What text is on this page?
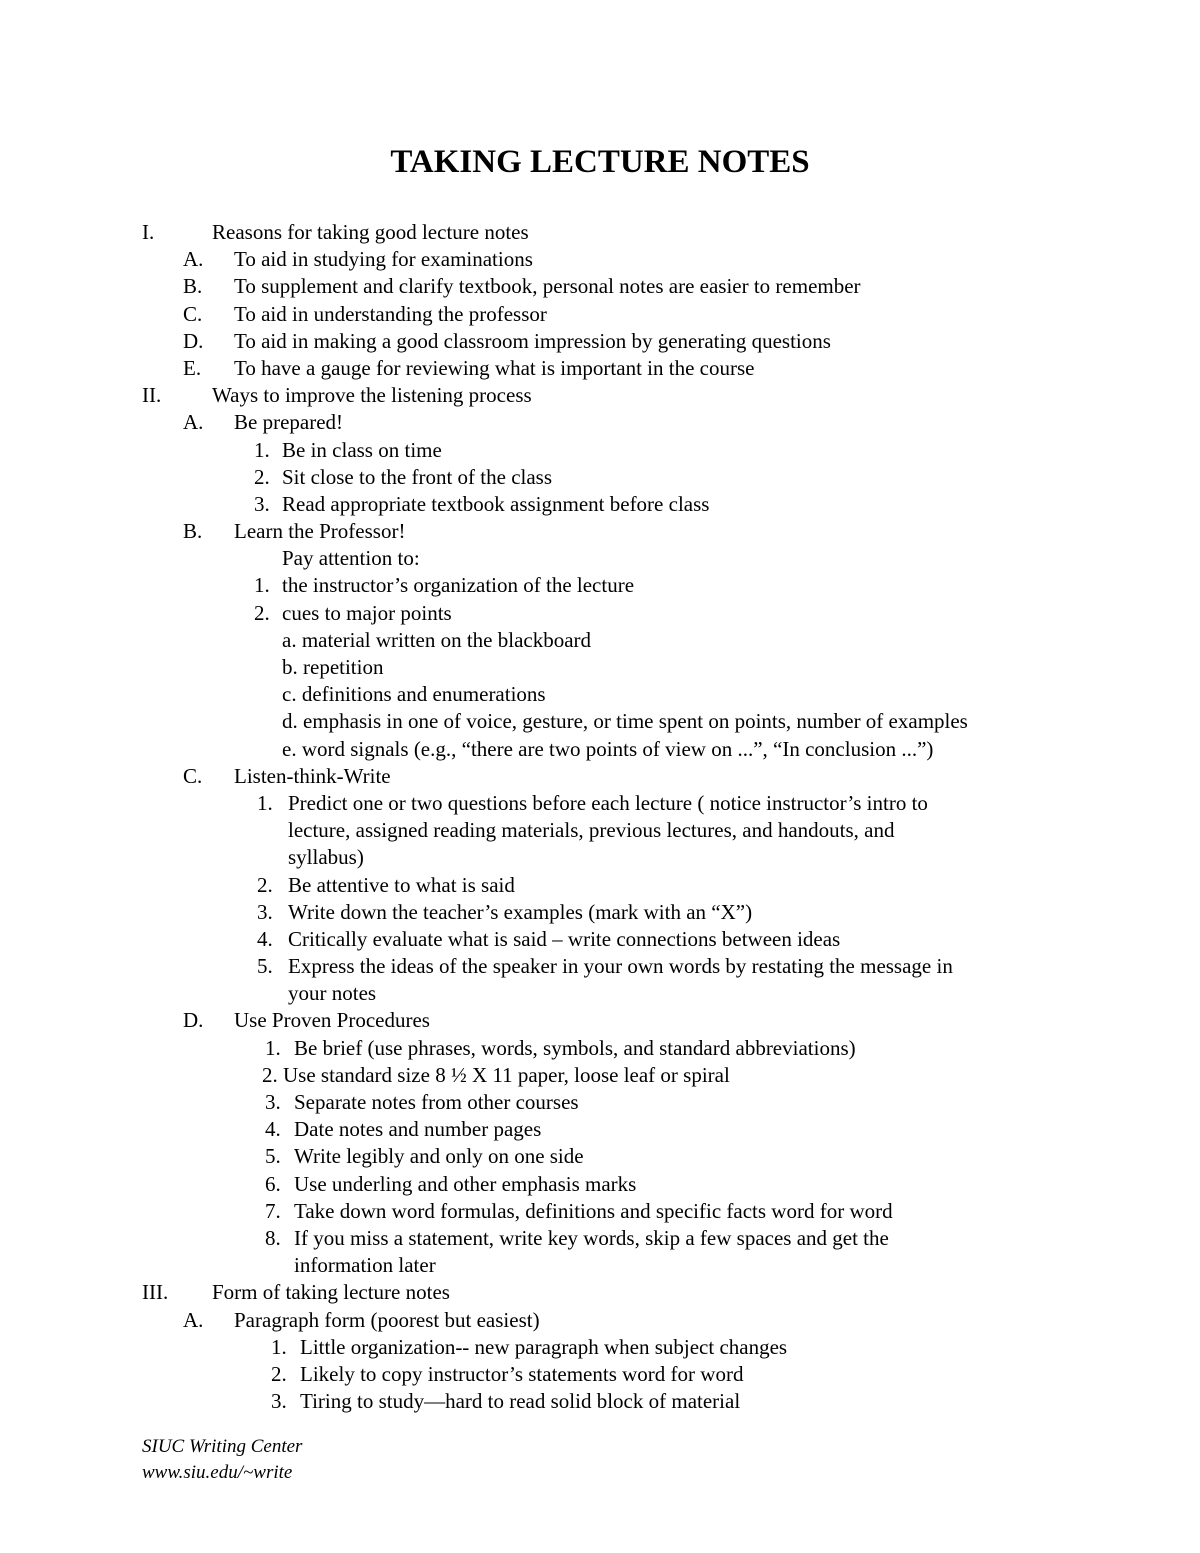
TAKING LECTURE NOTES
I.	Reasons for taking good lecture notes
A. To aid in studying for examinations
B. To supplement and clarify textbook, personal notes are easier to remember
C. To aid in understanding the professor
D. To aid in making a good classroom impression by generating questions
E. To have a gauge for reviewing what is important in the course
II. Ways to improve the listening process
A. Be prepared!
1. Be in class on time
2. Sit close to the front of the class
3. Read appropriate textbook assignment before class
B. Learn the Professor!
Pay attention to:
1. the instructor’s organization of the lecture
2. cues to major points
a. material written on the blackboard
b. repetition
c. definitions and enumerations
d. emphasis in one of voice, gesture, or time spent on points, number of examples
e. word signals (e.g., “there are two points of view on ...”, “In conclusion ...”)
C. Listen-think-Write
1. Predict one or two questions before each lecture ( notice instructor’s intro to
lecture, assigned reading materials, previous lectures, and handouts, and
syllabus)
2. Be attentive to what is said
3. Write down the teacher’s examples (mark with an “X”)
4. Critically evaluate what is said – write connections between ideas
5. Express the ideas of the speaker in your own words by restating the message in
your notes
D. Use Proven Procedures
1. Be brief (use phrases, words, symbols, and standard abbreviations)
2. Use standard size 8 ½ X 11 paper, loose leaf or spiral
3. Separate notes from other courses
4. Date notes and number pages
5. Write legibly and only on one side
6. Use underling and other emphasis marks
7. Take down word formulas, definitions and specific facts word for word
8. If you miss a statement, write key words, skip a few spaces and get the
information later
III. Form of taking lecture notes
A. Paragraph form (poorest but easiest)
1. Little organization-- new paragraph when subject changes
2. Likely to copy instructor’s statements word for word
3. Tiring to study—hard to read solid block of material
SIUC Writing Center
www.siu.edu/~write
